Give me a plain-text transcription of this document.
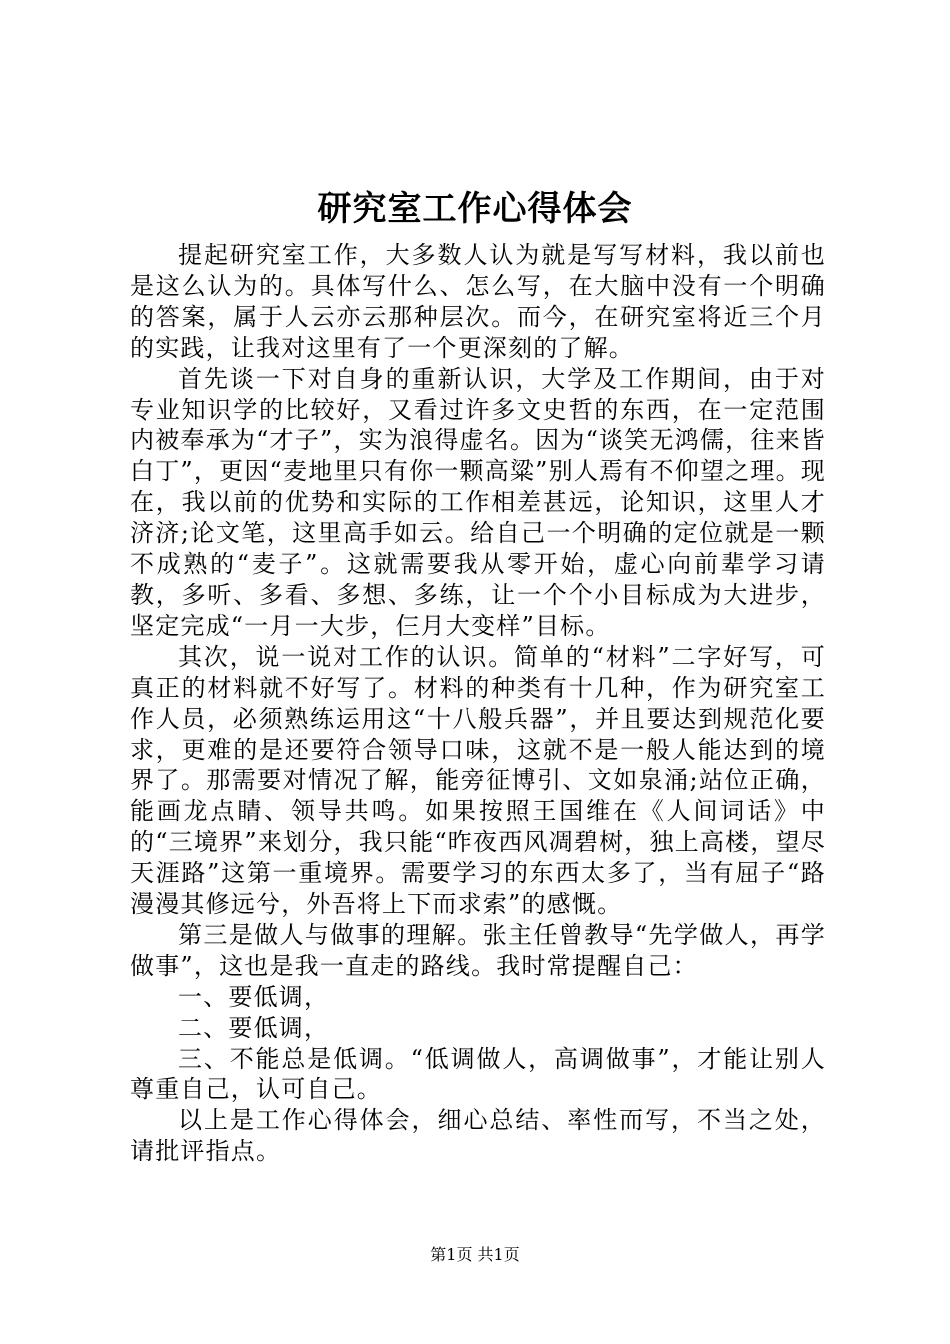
研究室工作心得体会

提起研究室工作，大多数人认为就是写写材料，我以前也是这么认为的。具体写什么、怎么写，在大脑中没有一个明确的答案，属于人云亦云那种层次。而今，在研究室将近三个月的实践，让我对这里有了一个更深刻的了解。

首先谈一下对自身的重新认识，大学及工作期间，由于对专业知识学的比较好，又看过许多文史哲的东西，在一定范围内被奉承为“才子”，实为浪得虚名。因为“谈笑无鸿儒，往来皆白丁”，更因“麦地里只有你一颗高粱”别人焉有不仰望之理。现在，我以前的优势和实际的工作相差甚远，论知识，这里人才济济;论文笔，这里高手如云。给自己一个明确的定位就是一颗不成熟的“麦子”。这就需要我从零开始，虚心向前辈学习请教，多听、多看、多想、多练，让一个个小目标成为大进步，坚定完成“一月一大步，仨月大变样”目标。

其次，说一说对工作的认识。简单的“材料”二字好写，可真正的材料就不好写了。材料的种类有十几种，作为研究室工作人员，必须熟练运用这“十八般兵器”，并且要达到规范化要求，更难的是还要符合领导口味，这就不是一般人能达到的境界了。那需要对情况了解，能旁征博引、文如泉涌;站位正确，能画龙点睛、领导共鸣。如果按照王国维在《人间词话》中的“三境界”来划分，我只能“昨夜西风凋碧树，独上高楼，望尽天涯路”这第一重境界。需要学习的东西太多了，当有屈子“路漫漫其修远兮，外吾将上下而求索”的感慨。

第三是做人与做事的理解。张主任曾教导“先学做人，再学做事”，这也是我一直走的路线。我时常提醒自己：

一、要低调，

二、要低调，

三、不能总是低调。“低调做人，高调做事”，才能让别人尊重自己，认可自己。

以上是工作心得体会，细心总结、率性而写，不当之处，请批评指点。

第1页 共1页
